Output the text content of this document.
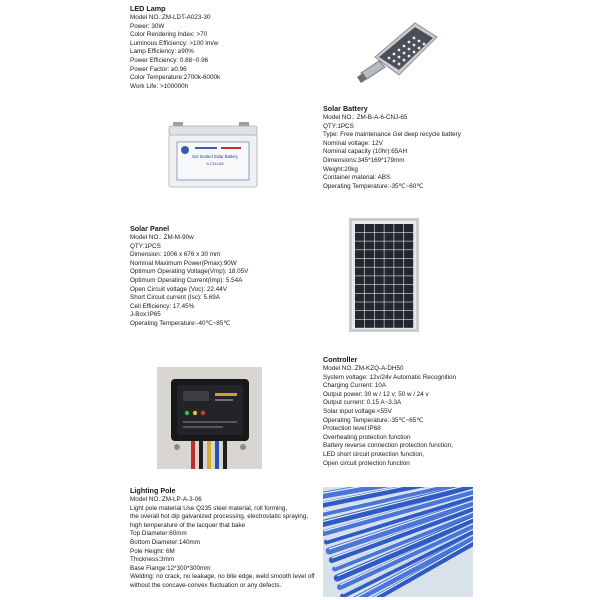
LED Lamp
Model NO.:ZM-LDT-A023-30
Power: 30W
Color Rendering Index: >70
Luminous Efficiency: >100 lm/w
Lamp Efficiency: ≥90%
Power Efficiency: 0.88~0.96
Power Factor: ≥0.96
Color Temperature:2700k-6000k
Work Life: >100000h
Solar Battery
Model NO.: ZM-B-A-6-CNJ-65
QTY:1PCS
Type: Free maintenance Gel deep recycle battery
Nominal voltage: 12V
Nominal capacity (10hr):65AH
Dimensions:345*169*179mm
Weight:20kg
Container material: ABS
Operating Temperature:-35℃~60℃
Gel Sealed Solar Battery
6-CNJ-65
Solar Panel
Model NO.: ZM-M-90w
QTY:1PCS
Dimension: 1006 x 676 x 30 mm
Nominal Maximum Power(Pmax):90W
Optimum Operating Voltage(Vmp): 18.05V
Optimum Operating Current(Imp): 5.54A
Open Circuit voltage (Voc): 22.44V
Short Circuit current (Isc): 5.69A
Cell Efficiency: 17.45%
J-Box:IP65
Operating Temperature:-40℃~85℃
Controller
Model NO.:ZM-KZQ-A-DH50
System voltage: 12v/24v Automatic Recognition
Charging Current: 10A
Output power: 30 w / 12 v; 50 w / 24 v
Output current: 0.15 A~3.3A
Solar input voltage:<55V
Operating Temperature:-35℃~65℃
Protection level:IP68
Overheating protection function
Battery reverse connection protection function,
LED short circuit protection function,
Open circuit protection function
Lighting Pole
Model NO.:ZM-LP-A-3-06
Light pole material:Use Q235 steel material, roll forming,
the overall hot dip galvanized processing, electrostatic spraying,
high temperature of the lacquer that bake
Top Diameter:60mm
Bottom Diameter:140mm
Pole Height: 6M
Thickness:3mm
Base Flange:12*300*300mm
Welding: no crack, no leakage, no bite edge, weld smooth level off
without the concave-convex fluctuation or any defects.
